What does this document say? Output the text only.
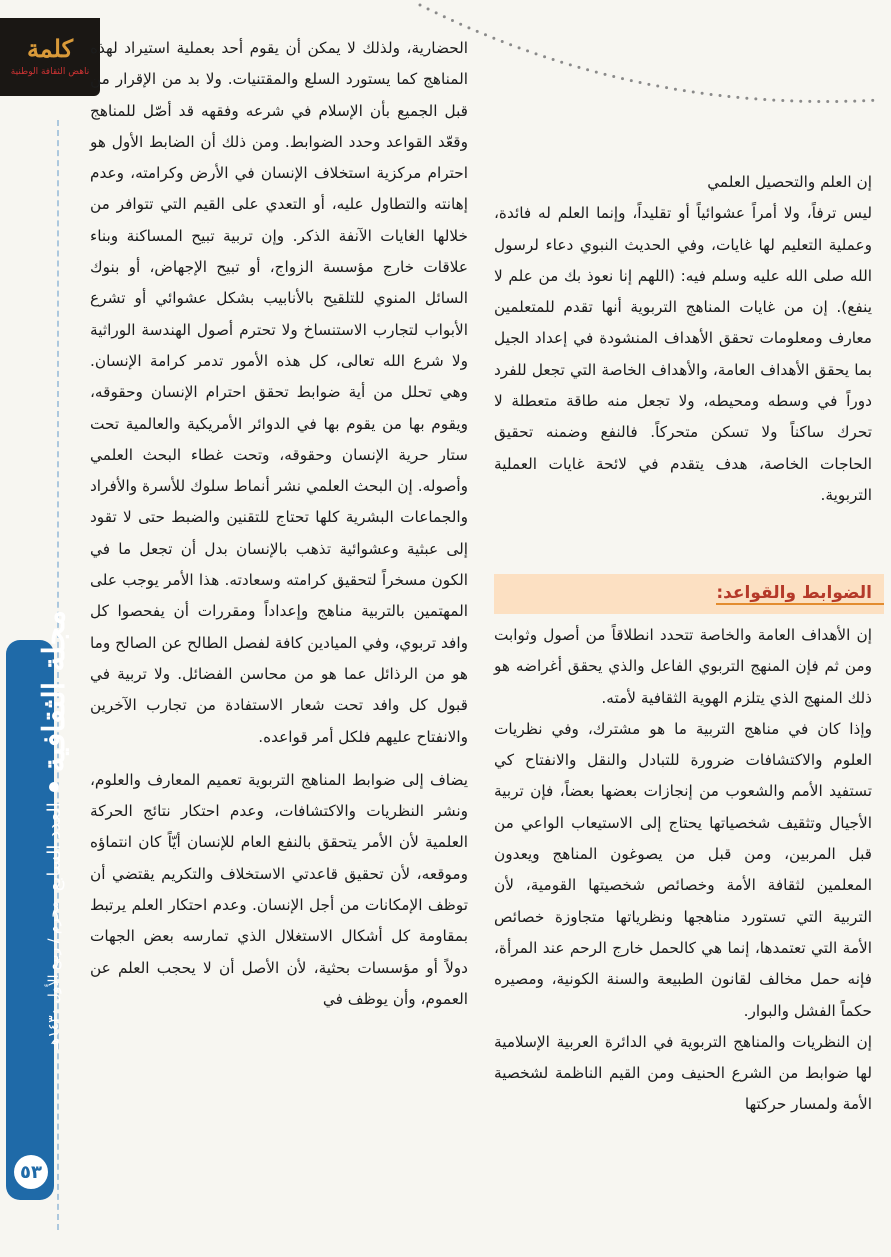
كلمة
ناهض الثقافة الوطنية
مجلة الثقافية
العدد السابع
محرم / ربيع الأول ١٤٣٠هـ
٥٣

الحضارية، ولذلك لا يمكن أن يقوم أحد بعملية استيراد لهذه المناهج كما يستورد السلع والمقتنيات. ولا بد من الإقرار من قبل الجميع بأن الإسلام في شرعه وفقهه قد أصّل للمناهج وقعّد القواعد وحدد الضوابط. ومن ذلك أن الضابط الأول هو احترام مركزية استخلاف الإنسان في الأرض وكرامته، وعدم إهانته والتطاول عليه، أو التعدي على القيم التي تتوافر من خلالها الغايات الآنفة الذكر. وإن تربية تبيح المساكنة وبناء علاقات خارج مؤسسة الزواج، أو تبيح الإجهاض، أو بنوك السائل المنوي للتلقيح بالأنابيب بشكل عشوائي أو تشرع الأبواب لتجارب الاستنساخ ولا تحترم أصول الهندسة الوراثية ولا شرع الله تعالى، كل هذه الأمور تدمر كرامة الإنسان. وهي تحلل من أية ضوابط تحقق احترام الإنسان وحقوقه، ويقوم بها من يقوم بها في الدوائر الأمريكية والعالمية تحت ستار حرية الإنسان وحقوقه، وتحت غطاء البحث العلمي وأصوله. إن البحث العلمي نشر أنماط سلوك للأسرة والأفراد والجماعات البشرية كلها تحتاج للتقنين والضبط حتى لا تقود إلى عبثية وعشوائية تذهب بالإنسان بدل أن تجعل ما في الكون مسخراً لتحقيق كرامته وسعادته. هذا الأمر يوجب على المهتمين بالتربية مناهج وإعداداً ومقررات أن يفحصوا كل وافد تربوي، وفي الميادين كافة لفصل الطالح عن الصالح وما هو من الرذائل عما هو من محاسن الفضائل. ولا تربية في قبول كل وافد تحت شعار الاستفادة من تجارب الآخرين والانفتاح عليهم فلكل أمر قواعده.

يضاف إلى ضوابط المناهج التربوية تعميم المعارف والعلوم، ونشر النظريات والاكتشافات، وعدم احتكار نتائج الحركة العلمية لأن الأمر يتحقق بالنفع العام للإنسان أيّاً كان انتماؤه وموقعه، لأن تحقيق قاعدتي الاستخلاف والتكريم يقتضي أن توظف الإمكانات من أجل الإنسان. وعدم احتكار العلم يرتبط بمقاومة كل أشكال الاستغلال الذي تمارسه بعض الجهات دولاً أو مؤسسات بحثية، لأن الأصل أن لا يحجب العلم عن العموم، وأن يوظف في

إن العلم والتحصيل العلمي

ليس ترفاً، ولا أمراً عشوائياً أو تقليداً، وإنما العلم له فائدة، وعملية التعليم لها غايات، وفي الحديث النبوي دعاء لرسول الله صلى الله عليه وسلم فيه: (اللهم إنا نعوذ بك من علم لا ينفع). إن من غايات المناهج التربوية أنها تقدم للمتعلمين معارف ومعلومات تحقق الأهداف المنشودة في إعداد الجيل بما يحقق الأهداف العامة، والأهداف الخاصة التي تجعل للفرد دوراً في وسطه ومحيطه، ولا تجعل منه طاقة متعطلة لا تحرك ساكناً ولا تسكن متحركاً. فالنفع وضمنه تحقيق الحاجات الخاصة، هدف يتقدم في لائحة غايات العملية التربوية.

الضوابط والقواعد:

إن الأهداف العامة والخاصة تتحدد انطلاقاً من أصول وثوابت ومن ثم فإن المنهج التربوي الفاعل والذي يحقق أغراضه هو ذلك المنهج الذي يتلزم الهوية الثقافية لأمته.

وإذا كان في مناهج التربية ما هو مشترك، وفي نظريات العلوم والاكتشافات ضرورة للتبادل والنقل والانفتاح كي تستفيد الأمم والشعوب من إنجازات بعضها بعضاً، فإن تربية الأجيال وتثقيف شخصياتها يحتاج إلى الاستيعاب الواعي من قبل المربين، ومن قبل من يصوغون المناهج ويعدون المعلمين لثقافة الأمة وخصائص شخصيتها القومية، لأن التربية التي تستورد مناهجها ونظرياتها متجاوزة خصائص الأمة التي تعتمدها، إنما هي كالحمل خارج الرحم عند المرأة، فإنه حمل مخالف لقانون الطبيعة والسنة الكونية، ومصيره حكماً الفشل والبوار.

إن النظريات والمناهج التربوية في الدائرة العربية الإسلامية لها ضوابط من الشرع الحنيف ومن القيم الناظمة لشخصية الأمة ولمسار حركتها
